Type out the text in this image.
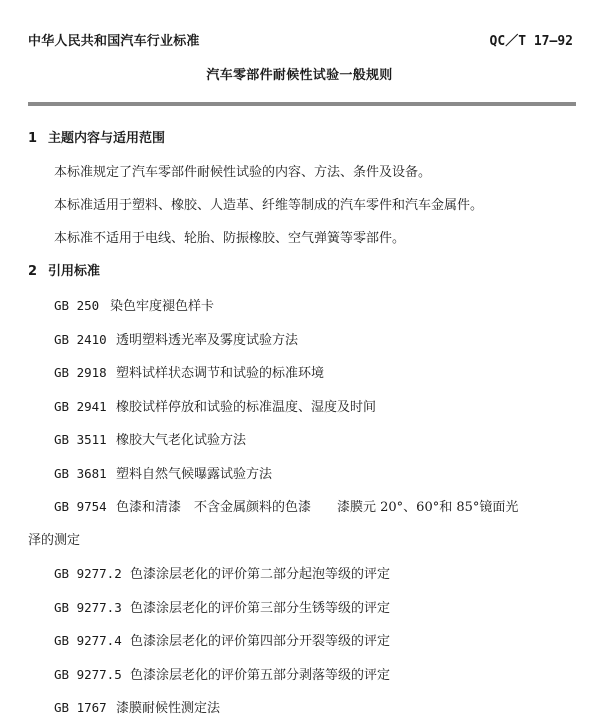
中华人民共和国汽车行业标准	QC／T 17—92
汽车零部件耐候性试验一般规则
1 主题内容与适用范围
本标准规定了汽车零部件耐候性试验的内容、方法、条件及设备。
本标准适用于塑料、橡胶、人造革、纤维等制成的汽车零件和汽车金属件。
本标准不适用于电线、轮胎、防振橡胶、空气弹簧等零部件。
2 引用标准
GB 250 染色牢度褪色样卡
GB 2410 透明塑料透光率及雾度试验方法
GB 2918 塑料试样状态调节和试验的标准环境
GB 2941 橡胶试样停放和试验的标准温度、湿度及时间
GB 3511 橡胶大气老化试验方法
GB 3681 塑料自然气候曝露试验方法
GB 9754 色漆和清漆　不含金属颜料的色漆　　漆膜元 20°、60°和 85°镜面光
泽的测定
GB 9277.2 色漆涂层老化的评价第二部分起泡等级的评定
GB 9277.3 色漆涂层老化的评价第三部分生锈等级的评定
GB 9277.4 色漆涂层老化的评价第四部分开裂等级的评定
GB 9277.5 色漆涂层老化的评价第五部分剥落等级的评定
GB 1767 漆膜耐候性测定法
